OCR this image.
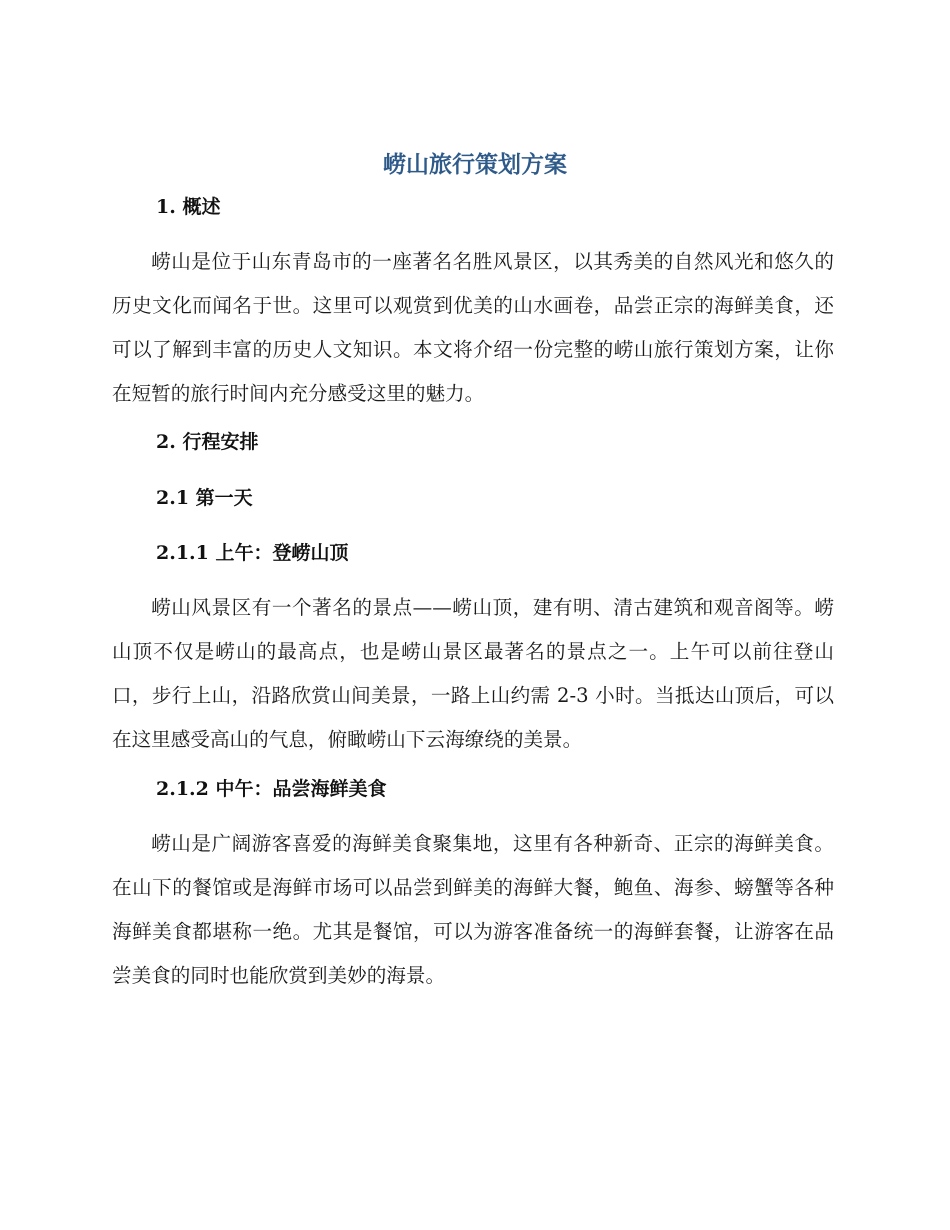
崂山旅行策划方案
1. 概述

崂山是位于山东青岛市的一座著名名胜风景区，以其秀美的自然风光和悠久的历史文化而闻名于世。这里可以观赏到优美的山水画卷，品尝正宗的海鲜美食，还可以了解到丰富的历史人文知识。本文将介绍一份完整的崂山旅行策划方案，让你在短暂的旅行时间内充分感受这里的魅力。

2. 行程安排
2.1 第一天
2.1.1 上午：登崂山顶

崂山风景区有一个著名的景点——崂山顶，建有明、清古建筑和观音阁等。崂山顶不仅是崂山的最高点，也是崂山景区最著名的景点之一。上午可以前往登山口，步行上山，沿路欣赏山间美景，一路上山约需 2-3 小时。当抵达山顶后，可以在这里感受高山的气息，俯瞰崂山下云海缭绕的美景。

2.1.2 中午：品尝海鲜美食

崂山是广阔游客喜爱的海鲜美食聚集地，这里有各种新奇、正宗的海鲜美食。在山下的餐馆或是海鲜市场可以品尝到鲜美的海鲜大餐，鲍鱼、海参、螃蟹等各种海鲜美食都堪称一绝。尤其是餐馆，可以为游客准备统一的海鲜套餐，让游客在品尝美食的同时也能欣赏到美妙的海景。
